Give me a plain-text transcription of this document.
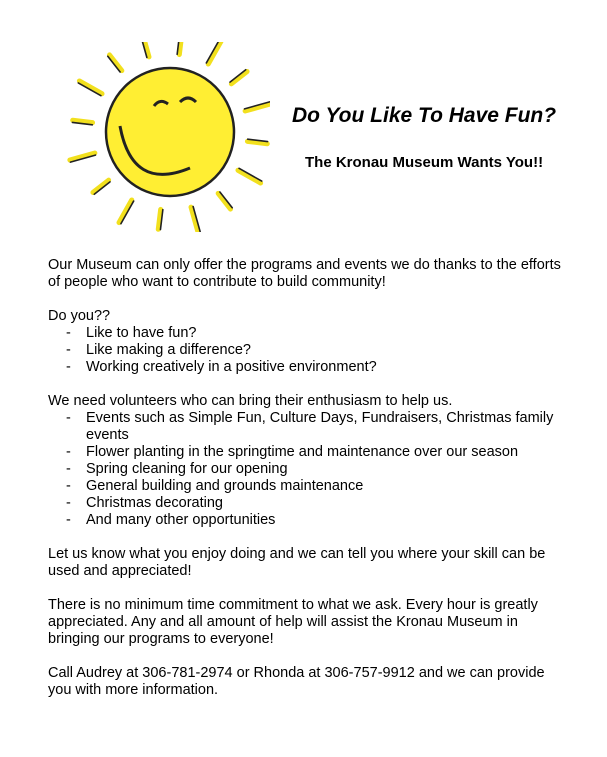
Do You Like To Have Fun?
The Kronau Museum Wants You!!

Our Museum can only offer the programs and events we do thanks to the efforts of people who want to contribute to build community!

Do you??

- Like to have fun?
- Like making a difference?
- Working creatively in a positive environment?

We need volunteers who can bring their enthusiasm to help us.

- Events such as Simple Fun, Culture Days, Fundraisers, Christmas family events
- Flower planting in the springtime and maintenance over our season
- Spring cleaning for our opening
- General building and grounds maintenance
- Christmas decorating
- And many other opportunities

Let us know what you enjoy doing and we can tell you where your skill can be used and appreciated!

There is no minimum time commitment to what we ask. Every hour is greatly appreciated. Any and all amount of help will assist the Kronau Museum in bringing our programs to everyone!

Call Audrey at 306-781-2974 or Rhonda at 306-757-9912 and we can provide you with more information.
